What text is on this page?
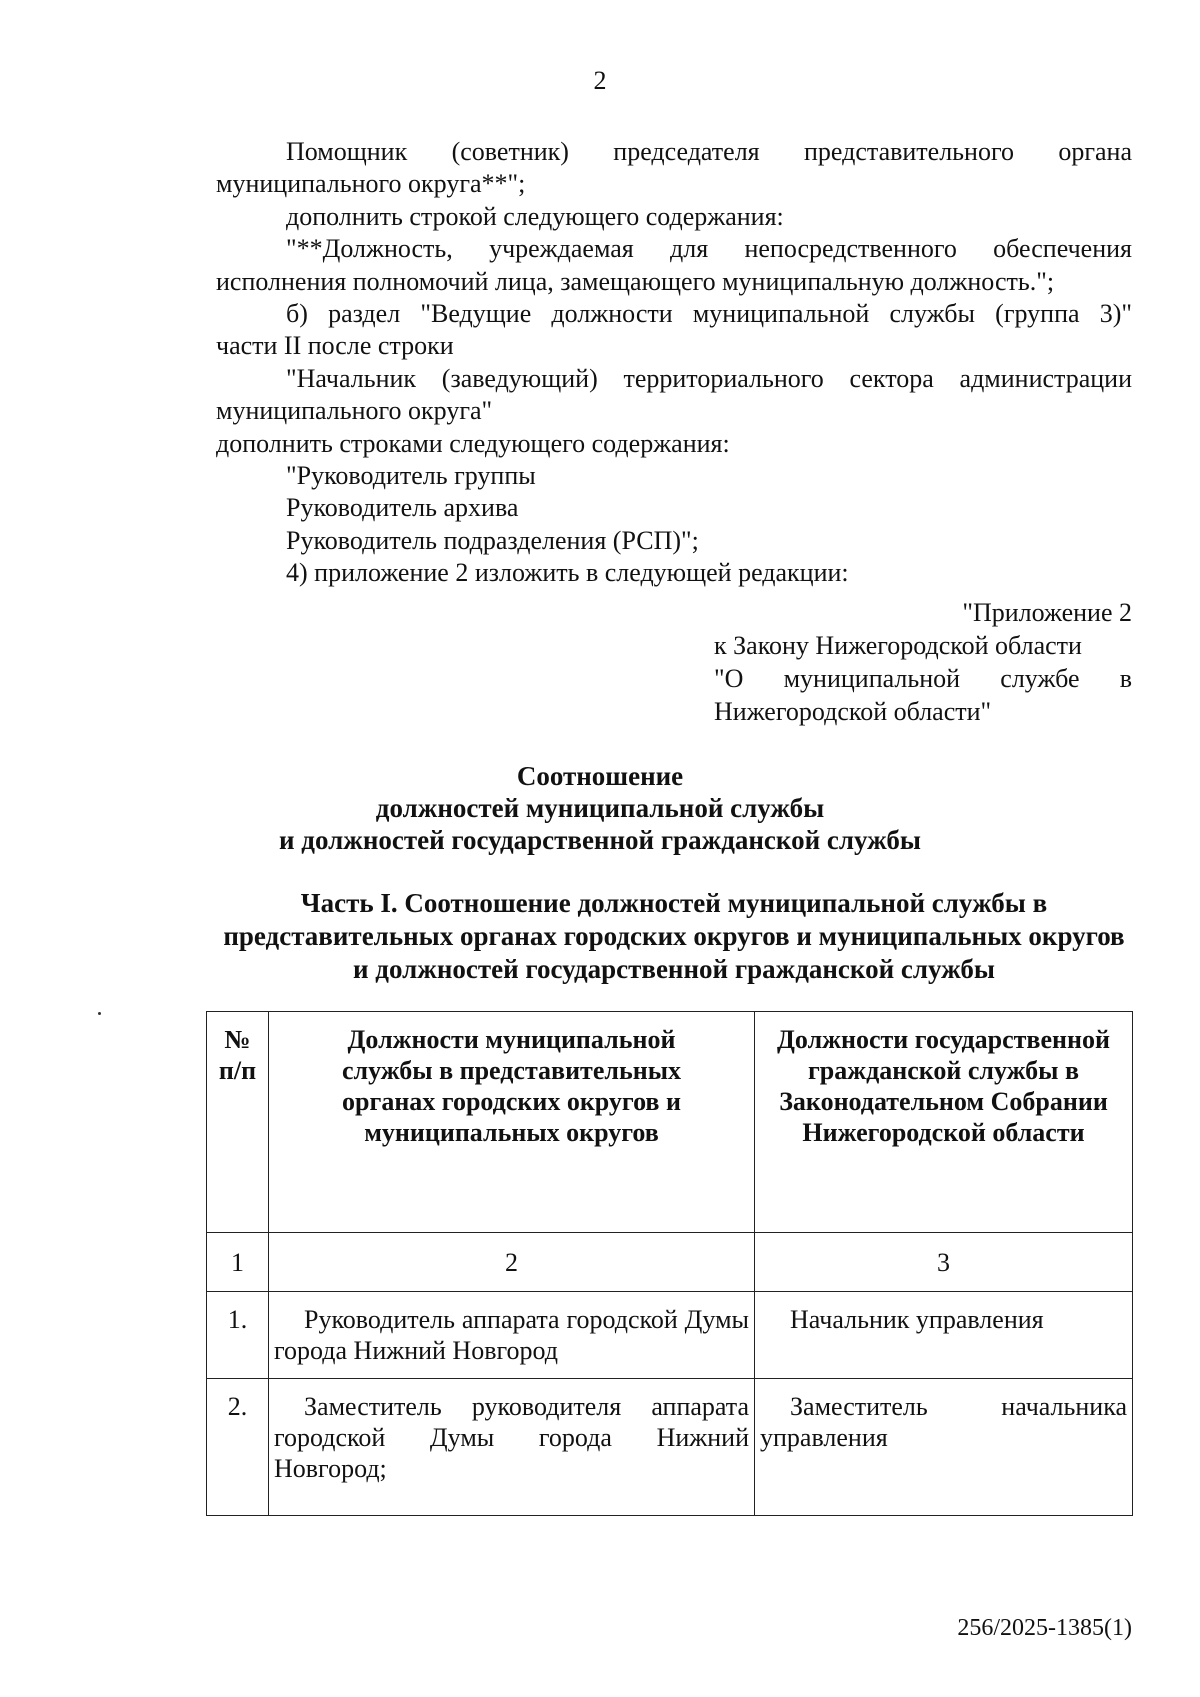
2

Помощник (советник) председателя представительного органа

муниципального округа**";

дополнить строкой следующего содержания:

"**Должность, учреждаемая для непосредственного обеспечения исполнения полномочий лица, замещающего муниципальную должность.";

б) раздел "Ведущие должности муниципальной службы (группа 3)"

части II после строки

"Начальник (заведующий) территориального сектора администрации муниципального округа"

дополнить строками следующего содержания:

"Руководитель группы

Руководитель архива

Руководитель подразделения (РСП)";

4) приложение 2 изложить в следующей редакции:

"Приложение 2
к Закону Нижегородской области
"О муниципальной службе в
Нижегородской области"
Соотношение
должностей муниципальной службы
и должностей государственной гражданской службы
Часть I. Соотношение должностей муниципальной службы в представительных органах городских округов и муниципальных округов и должностей государственной гражданской службы
№ п/п	Должности муниципальной службы в представительных органах городских округов и муниципальных округов	Должности государственной гражданской службы в Законодательном Собрании Нижегородской области
1	2	3
1.	Руководитель аппарата городской Думы города Нижний Новгород	Начальник управления
2.	Заместитель руководителя аппарата городской Думы города Нижний Новгород;	Заместитель начальника управления
256/2025-1385(1)
